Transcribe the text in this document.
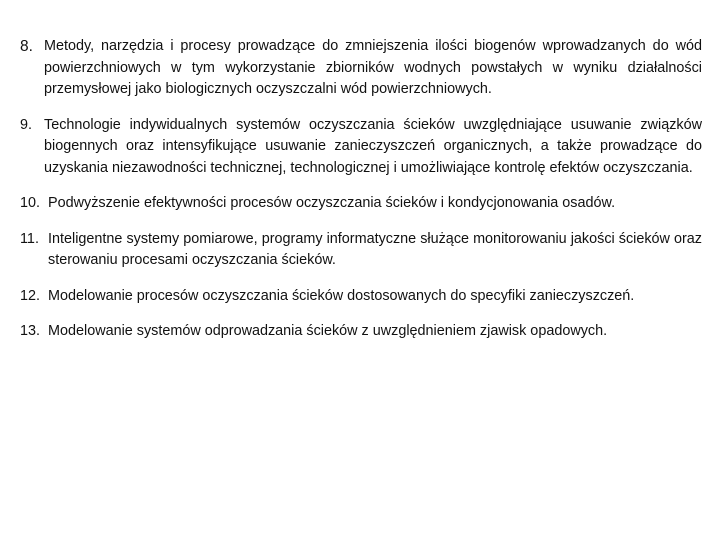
8. Metody, narzędzia i procesy prowadzące do zmniejszenia ilości biogenów wprowadzanych do wód powierzchniowych w tym wykorzystanie zbiorników wodnych powstałych w wyniku działalności przemysłowej jako biologicznych oczyszczalni wód powierzchniowych.
9. Technologie indywidualnych systemów oczyszczania ścieków uwzględniające usuwanie związków biogennych oraz intensyfikujące usuwanie zanieczyszczeń organicznych, a także prowadzące do uzyskania niezawodności technicznej, technologicznej i umożliwiające kontrolę efektów oczyszczania.
10. Podwyższenie efektywności procesów oczyszczania ścieków i kondycjonowania osadów.
11. Inteligentne systemy pomiarowe, programy informatyczne służące monitorowaniu jakości ścieków oraz sterowaniu procesami oczyszczania ścieków.
12. Modelowanie procesów oczyszczania ścieków dostosowanych do specyfiki zanieczyszczeń.
13. Modelowanie systemów odprowadzania ścieków z uwzględnieniem zjawisk opadowych.
